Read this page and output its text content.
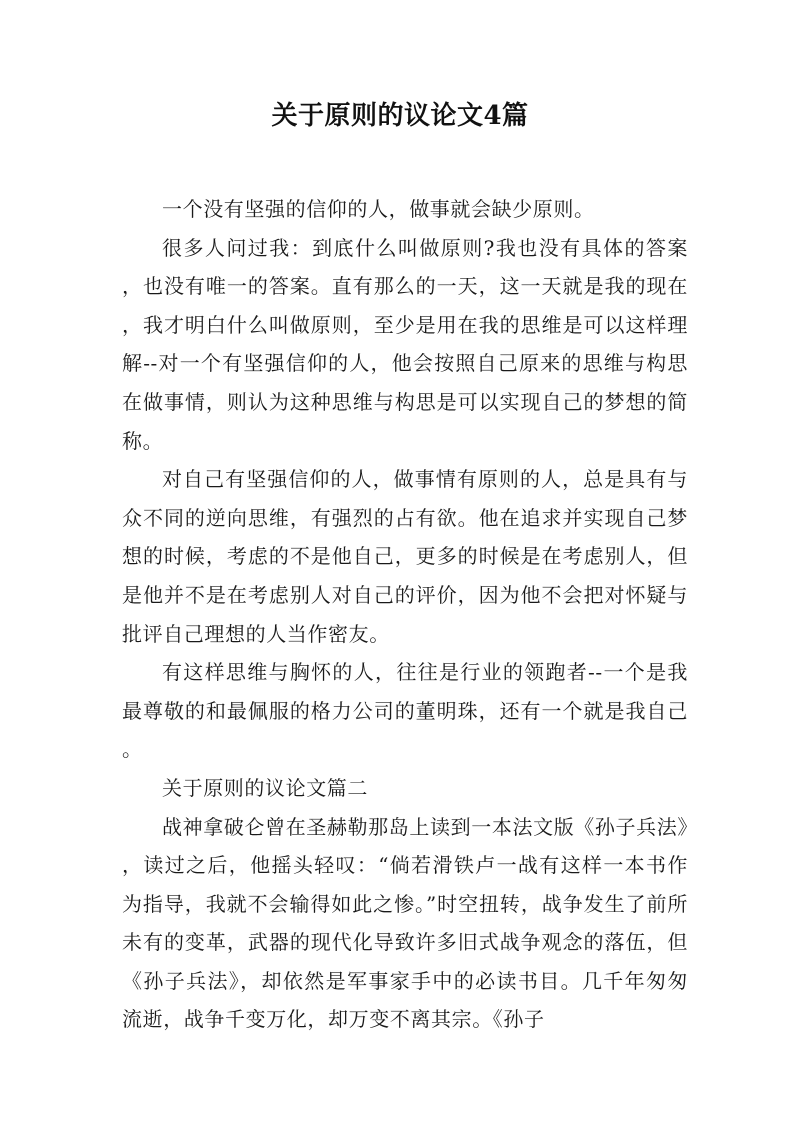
关于原则的议论文4篇

一个没有坚强的信仰的人，做事就会缺少原则。

很多人问过我：到底什么叫做原则?我也没有具体的答案，也没有唯一的答案。直有那么的一天，这一天就是我的现在，我才明白什么叫做原则，至少是用在我的思维是可以这样理解--对一个有坚强信仰的人，他会按照自己原来的思维与构思在做事情，则认为这种思维与构思是可以实现自己的梦想的简称。

对自己有坚强信仰的人，做事情有原则的人，总是具有与众不同的逆向思维，有强烈的占有欲。他在追求并实现自己梦想的时候，考虑的不是他自己，更多的时候是在考虑别人，但是他并不是在考虑别人对自己的评价，因为他不会把对怀疑与批评自己理想的人当作密友。

有这样思维与胸怀的人，往往是行业的领跑者--一个是我最尊敬的和最佩服的格力公司的董明珠，还有一个就是我自己。

关于原则的议论文篇二

战神拿破仑曾在圣赫勒那岛上读到一本法文版《孙子兵法》，读过之后，他摇头轻叹：“倘若滑铁卢一战有这样一本书作为指导，我就不会输得如此之惨。”时空扭转，战争发生了前所未有的变革，武器的现代化导致许多旧式战争观念的落伍，但《孙子兵法》，却依然是军事家手中的必读书目。几千年匆匆流逝，战争千变万化，却万变不离其宗。《孙子
